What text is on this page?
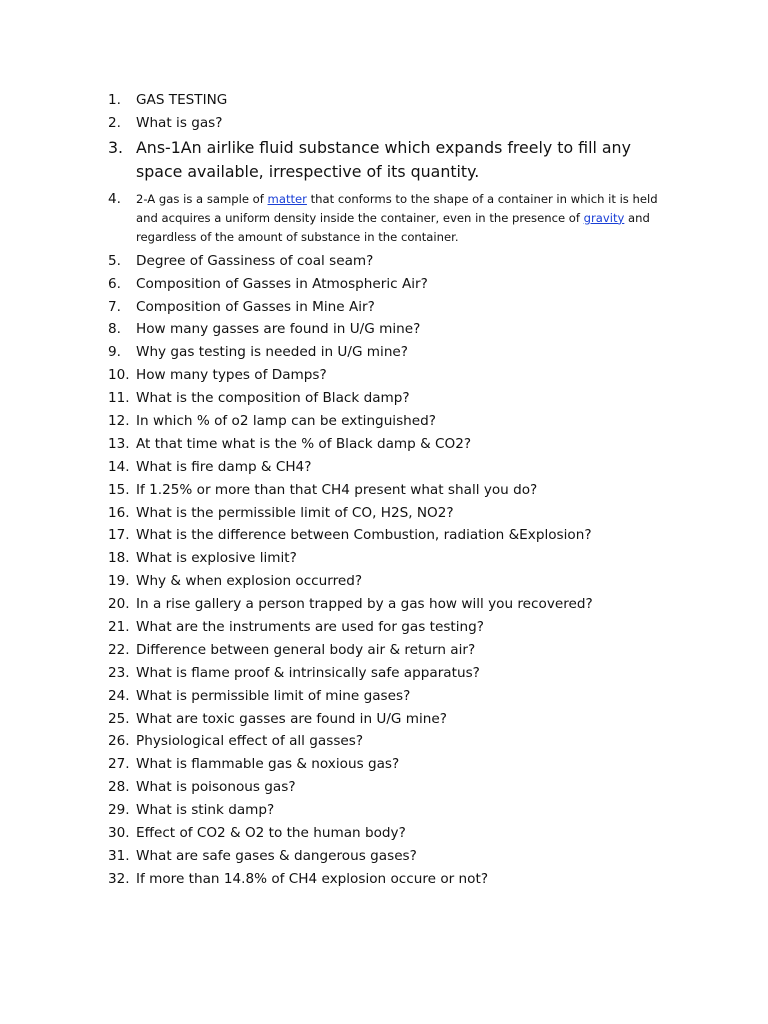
1.	GAS TESTING
2.	What is gas?
3. Ans-1An airlike fluid substance which expands freely to fill any space available, irrespective of its quantity.
4.	2-A gas is a sample of matter that conforms to the shape of a container in which it is held and acquires a uniform density inside the container, even in the presence of gravity and regardless of the amount of substance in the container.
5.	Degree of Gassiness of coal seam?
6.	Composition of Gasses in Atmospheric Air?
7.	Composition of Gasses in Mine Air?
8.	How many gasses are found in U/G mine?
9.	Why gas testing is needed in U/G mine?
10. How many types of Damps?
11. What is the composition of Black damp?
12. In which % of o2 lamp can be extinguished?
13. At that time what is the % of Black damp & CO2?
14. What is fire damp & CH4?
15. If 1.25% or more than that CH4 present what shall you do?
16. What is the permissible limit of CO, H2S, NO2?
17. What is the difference between Combustion, radiation &Explosion?
18. What is explosive limit?
19. Why & when explosion occurred?
20. In a rise gallery a person trapped by a gas how will you recovered?
21. What are the instruments are used for gas testing?
22. Difference between general body air & return air?
23. What is flame proof & intrinsically safe apparatus?
24. What is permissible limit of mine gases?
25. What are toxic gasses are found in U/G mine?
26. Physiological effect of all gasses?
27. What is flammable gas & noxious gas?
28. What is poisonous gas?
29. What is stink damp?
30. Effect of CO2 & O2 to the human body?
31. What are safe gases & dangerous gases?
32. If more than 14.8% of CH4 explosion occure or not?
